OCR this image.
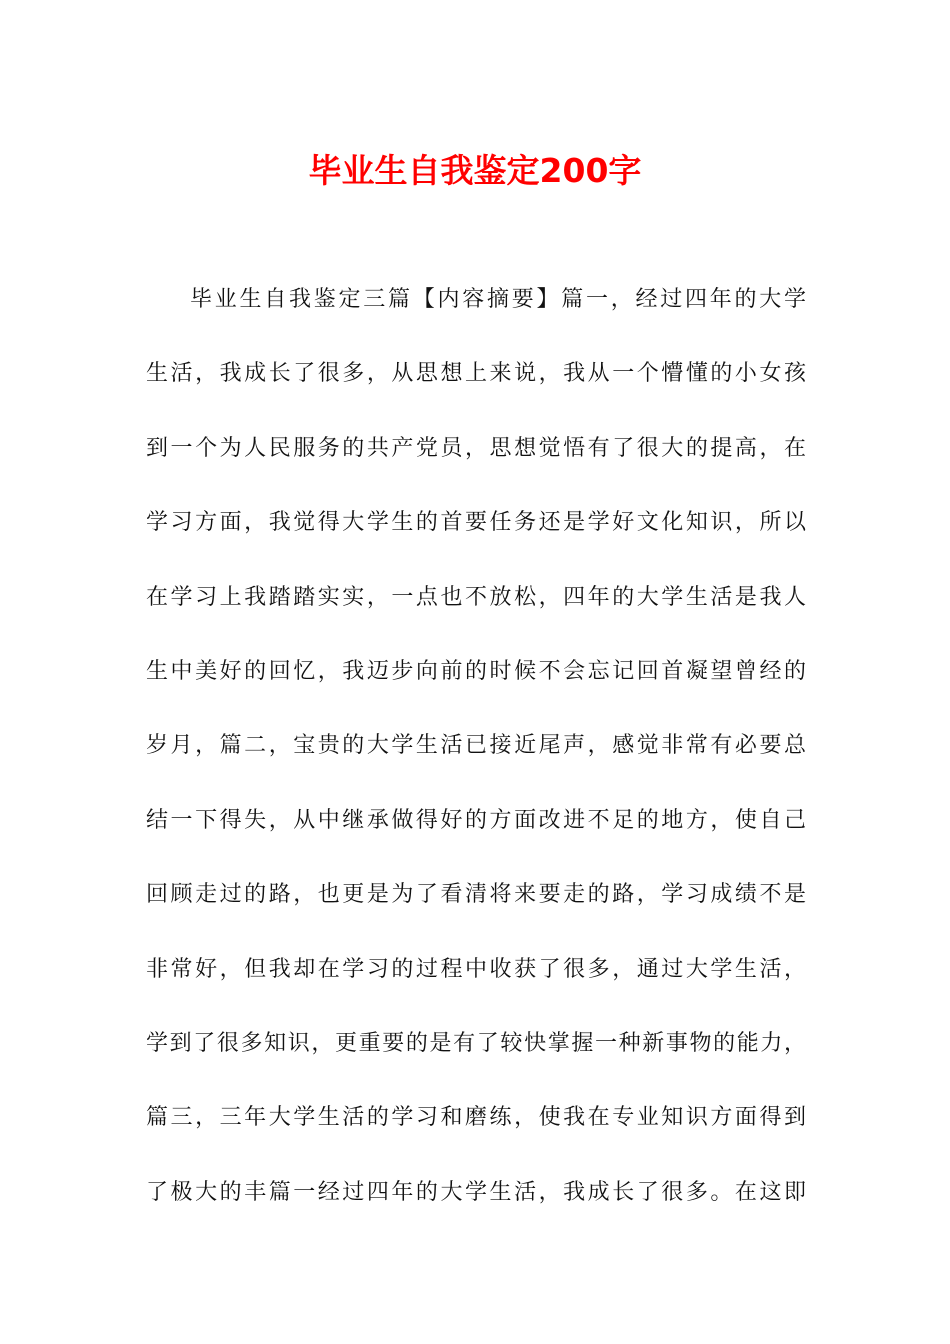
毕业生自我鉴定200字
毕业生自我鉴定三篇【内容摘要】篇一，经过四年的大学
生活，我成长了很多，从思想上来说，我从一个懵懂的小女孩
到一个为人民服务的共产党员，思想觉悟有了很大的提高，在
学习方面，我觉得大学生的首要任务还是学好文化知识，所以
在学习上我踏踏实实，一点也不放松，四年的大学生活是我人
生中美好的回忆，我迈步向前的时候不会忘记回首凝望曾经的
岁月，篇二，宝贵的大学生活已接近尾声，感觉非常有必要总
结一下得失，从中继承做得好的方面改进不足的地方，使自己
回顾走过的路，也更是为了看清将来要走的路，学习成绩不是
非常好，但我却在学习的过程中收获了很多，通过大学生活，
学到了很多知识，更重要的是有了较快掌握一种新事物的能力，
篇三，三年大学生活的学习和磨练，使我在专业知识方面得到
了极大的丰篇一经过四年的大学生活，我成长了很多。在这即
